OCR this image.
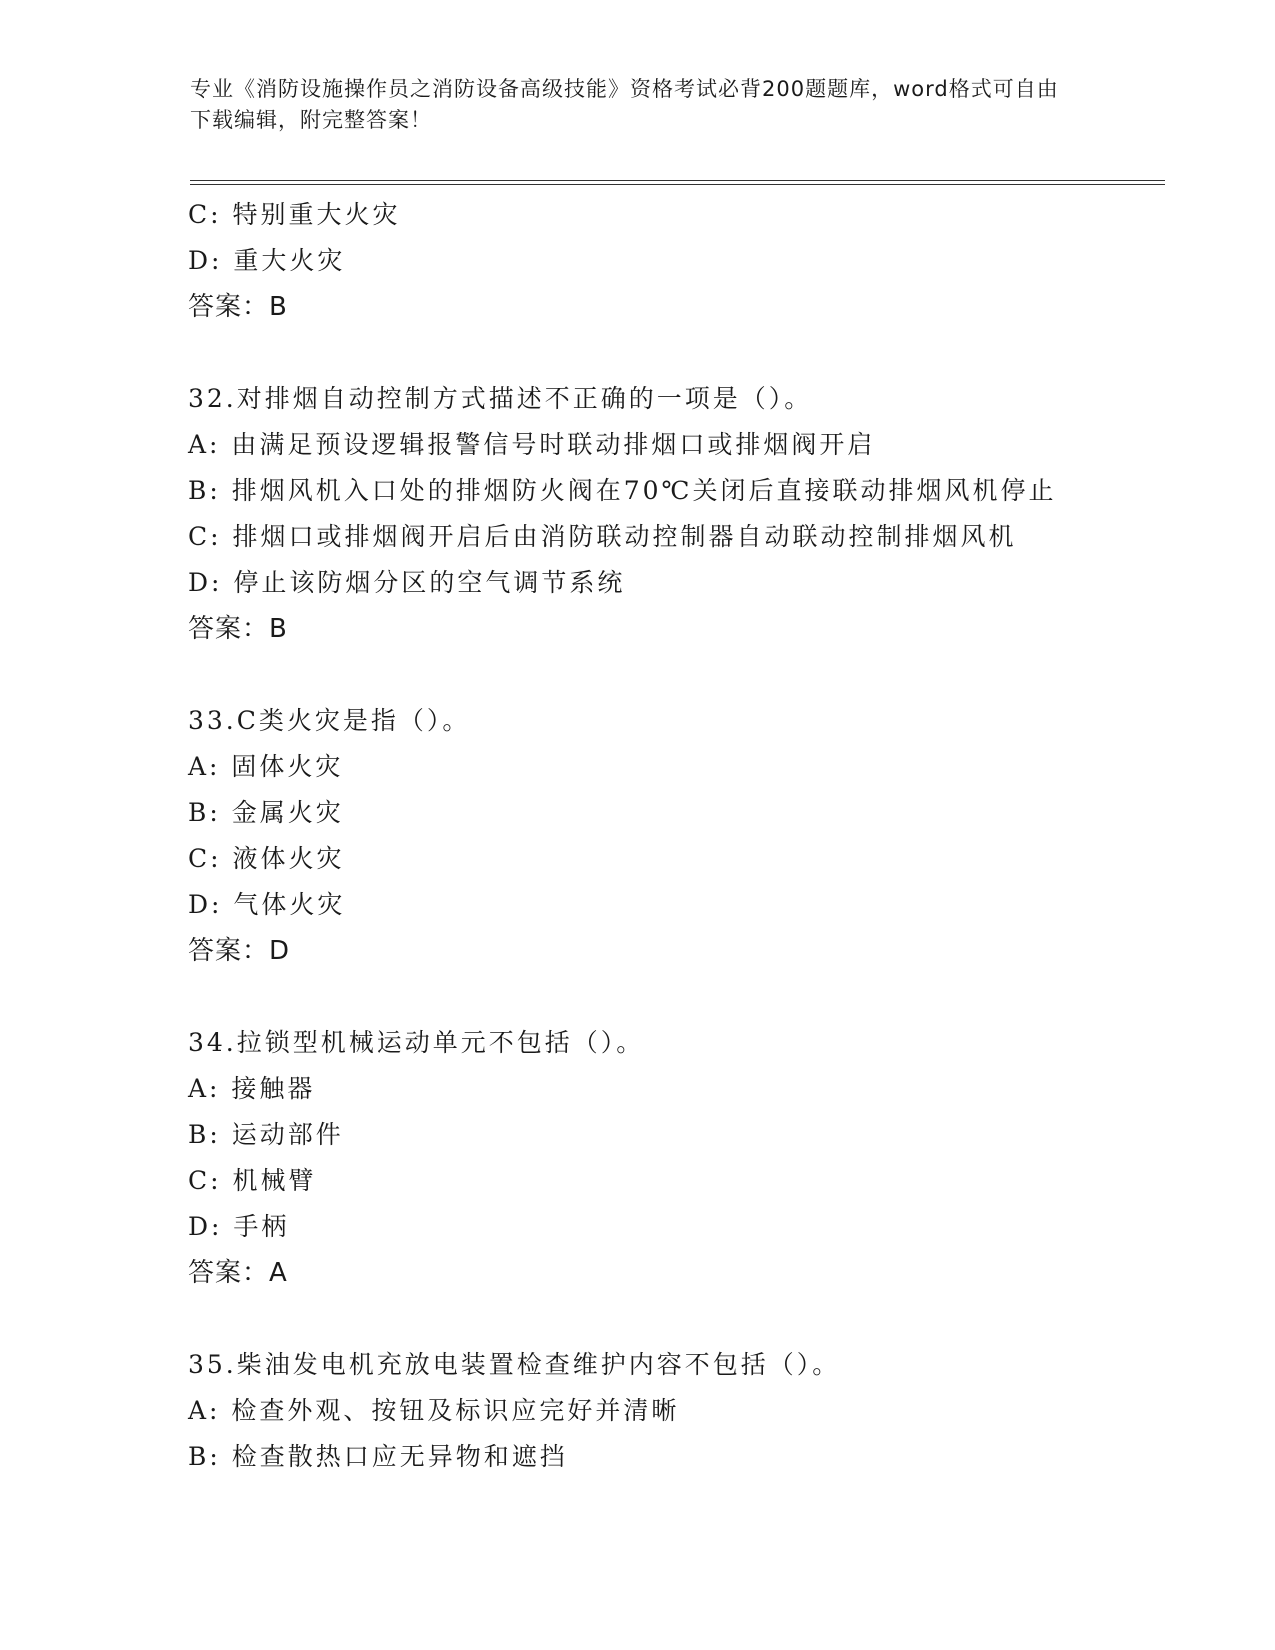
专业《消防设施操作员之消防设备高级技能》资格考试必背200题题库，word格式可自由下载编辑，附完整答案！
C: 特别重大火灾
D: 重大火灾
答案：B
32.对排烟自动控制方式描述不正确的一项是（）。
A: 由满足预设逻辑报警信号时联动排烟口或排烟阀开启
B: 排烟风机入口处的排烟防火阀在70℃关闭后直接联动排烟风机停止
C: 排烟口或排烟阀开启后由消防联动控制器自动联动控制排烟风机
D: 停止该防烟分区的空气调节系统
答案：B
33.C类火灾是指（）。
A: 固体火灾
B: 金属火灾
C: 液体火灾
D: 气体火灾
答案：D
34.拉锁型机械运动单元不包括（）。
A: 接触器
B: 运动部件
C: 机械臂
D: 手柄
答案：A
35.柴油发电机充放电装置检查维护内容不包括（）。
A: 检查外观、按钮及标识应完好并清晰
B: 检查散热口应无异物和遮挡
